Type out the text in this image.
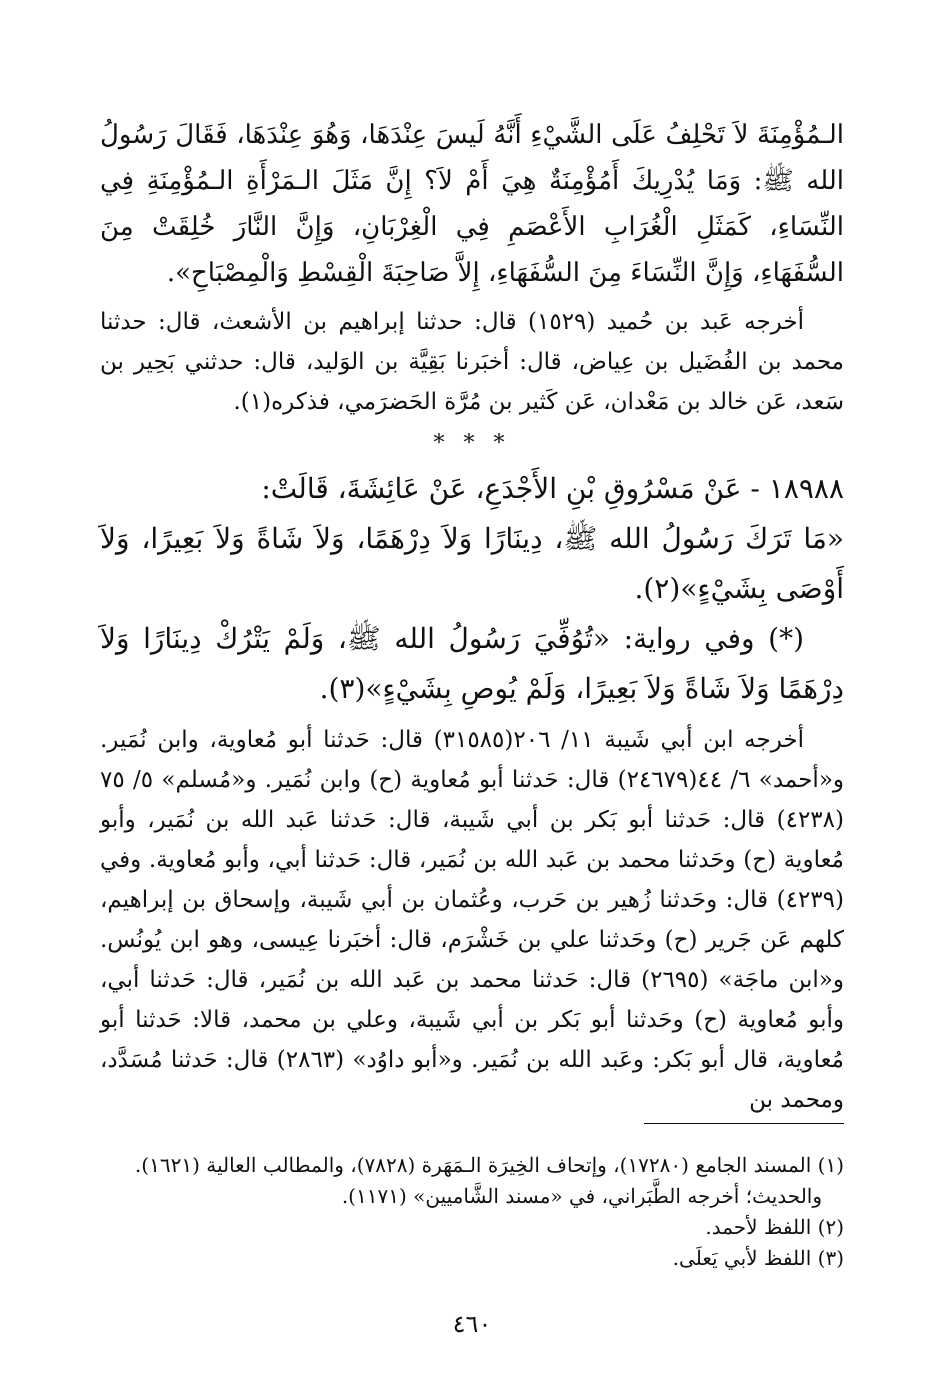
الـمُؤْمِنَةَ لاَ تَحْلِفُ عَلَى الشَّيْءِ أَنَّهُ لَيسَ عِنْدَهَا، وَهُوَ عِنْدَهَا، فَقَالَ رَسُولُ الله ﷺ: وَمَا يُدْرِيكَ أَمُؤْمِنَةٌ هِيَ أَمْ لاَ؟ إِنَّ مَثَلَ الـمَرْأَةِ الـمُؤْمِنَةِ فِي النِّسَاءِ، كَمَثَلِ الْغُرَابِ الأَعْصَمِ فِي الْغِرْبَانِ، وَإِنَّ النَّارَ خُلِقَتْ مِنَ السُّفَهَاءِ، وَإِنَّ النِّسَاءَ مِنَ السُّفَهَاءِ، إِلاَّ صَاحِبَةَ الْقِسْطِ وَالْمِصْبَاحِ».

أخرجه عَبد بن حُميد (١٥٢٩) قال: حدثنا إبراهيم بن الأشعث، قال: حدثنا محمد بن الفُضَيل بن عِياض، قال: أخبَرنا بَقِيَّة بن الوَليد، قال: حدثني بَحِير بن سَعد، عَن خالد بن مَعْدان، عَن كَثير بن مُرَّة الحَضرَمي، فذكره(١).

* * *

١٨٩٨٨ - عَنْ مَسْرُوقِ بْنِ الأَجْدَعِ، عَنْ عَائِشَةَ، قَالَتْ:

«مَا تَرَكَ رَسُولُ الله ﷺ، دِينَارًا وَلاَ دِرْهَمًا، وَلاَ شَاةً وَلاَ بَعِيرًا، وَلاَ أَوْصَى بِشَيْءٍ»(٢).

(*) وفي رواية: «تُوُفِّيَ رَسُولُ الله ﷺ، وَلَمْ يَتْرُكْ دِينَارًا وَلاَ دِرْهَمًا وَلاَ شَاةً وَلاَ بَعِيرًا، وَلَمْ يُوصِ بِشَيْءٍ»(٣).

أخرجه ابن أبي شَيبة ١١/ ٢٠٦(٣١٥٨٥) قال: حَدثنا أبو مُعاوية، وابن نُمَير. و«أحمد» ٦/ ٤٤(٢٤٦٧٩) قال: حَدثنا أبو مُعاوية (ح) وابن نُمَير. و«مُسلم» ٥/ ٧٥ (٤٢٣٨) قال: حَدثنا أبو بَكر بن أبي شَيبة، قال: حَدثنا عَبد الله بن نُمَير، وأبو مُعاوية (ح) وحَدثنا محمد بن عَبد الله بن نُمَير، قال: حَدثنا أبي، وأبو مُعاوية. وفي (٤٢٣٩) قال: وحَدثنا زُهير بن حَرب، وعُثمان بن أبي شَيبة، وإسحاق بن إبراهيم، كلهم عَن جَرير (ح) وحَدثنا علي بن خَشْرَم، قال: أخبَرنا عِيسى، وهو ابن يُونُس. و«ابن ماجَة» (٢٦٩٥) قال: حَدثنا محمد بن عَبد الله بن نُمَير، قال: حَدثنا أبي، وأبو مُعاوية (ح) وحَدثنا أبو بَكر بن أبي شَيبة، وعلي بن محمد، قالا: حَدثنا أبو مُعاوية، قال أبو بَكر: وعَبد الله بن نُمَير. و«أبو داوُد» (٢٨٦٣) قال: حَدثنا مُسَدَّد، ومحمد بن

(١) المسند الجامع (١٧٢٨٠)، وإتحاف الخِيرَة الـمَهَرة (٧٨٢٨)، والمطالب العالية (١٦٢١).

والحديث؛ أخرجه الطَّبَراني، في «مسند الشَّاميين» (١١٧١).

(٢) اللفظ لأحمد.

(٣) اللفظ لأبي يَعلَى.

٤٦٠
